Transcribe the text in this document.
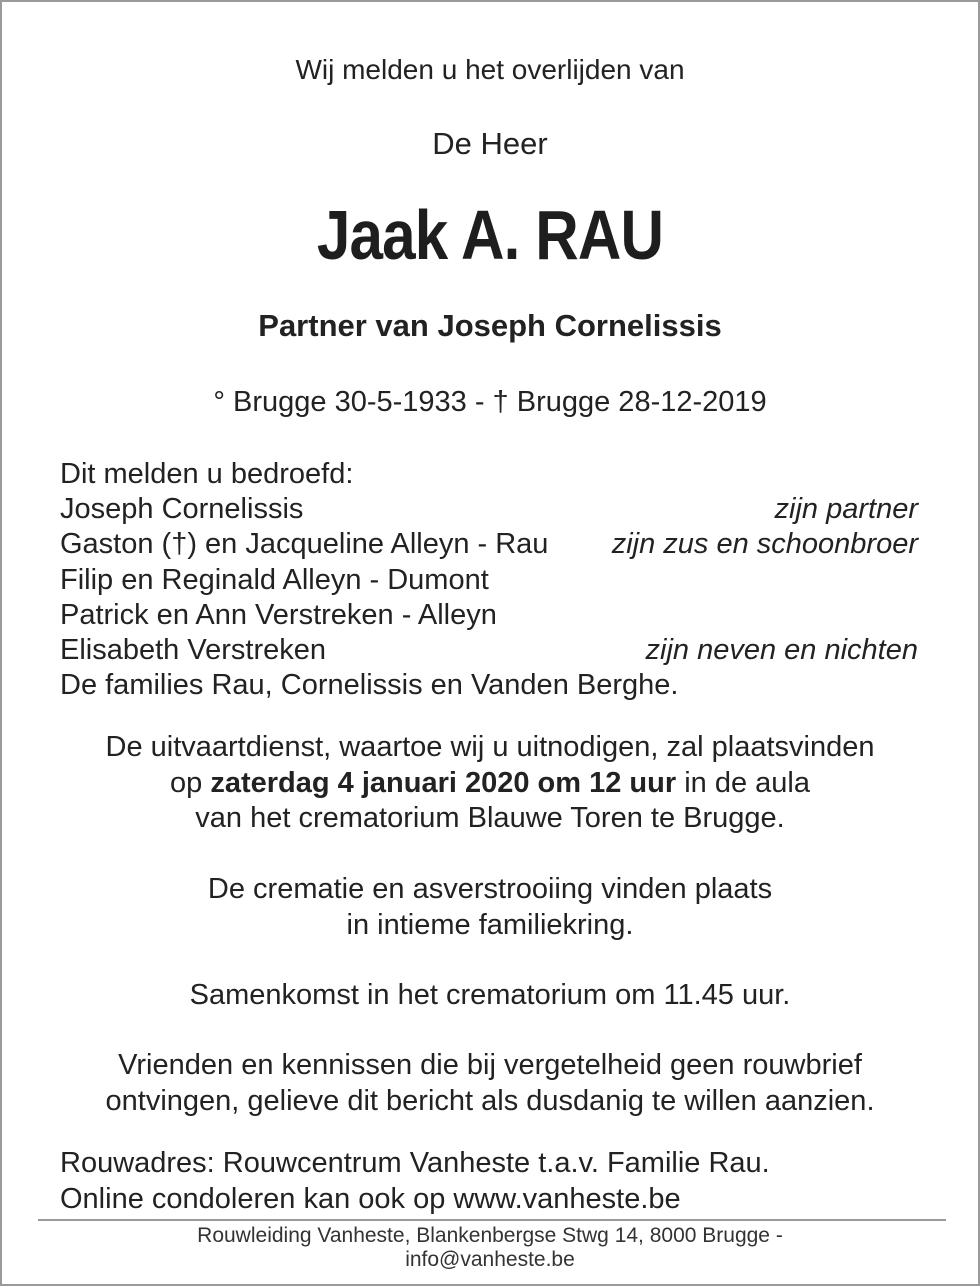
Wij melden u het overlijden van
De Heer
Jaak A. RAU
Partner van Joseph Cornelissis
° Brugge 30-5-1933 - † Brugge 28-12-2019
Dit melden u bedroefd:
Joseph Cornelissis	zijn partner
Gaston (†) en Jacqueline Alleyn - Rau zijn zus en schoonbroer
Filip en Reginald Alleyn - Dumont
Patrick en Ann Verstreken - Alleyn
Elisabeth Verstreken	zijn neven en nichten
De families Rau, Cornelissis en Vanden Berghe.
De uitvaartdienst, waartoe wij u uitnodigen, zal plaatsvinden
op zaterdag 4 januari 2020 om 12 uur in de aula
van het crematorium Blauwe Toren te Brugge.
De crematie en asverstrooiing vinden plaats
in intieme familiekring.
Samenkomst in het crematorium om 11.45 uur.
Vrienden en kennissen die bij vergetelheid geen rouwbrief
ontvingen, gelieve dit bericht als dusdanig te willen aanzien.
Rouwadres: Rouwcentrum Vanheste t.a.v. Familie Rau.
Online condoleren kan ook op www.vanheste.be
Rouwleiding Vanheste, Blankenbergse Stwg 14, 8000 Brugge -
info@vanheste.be
